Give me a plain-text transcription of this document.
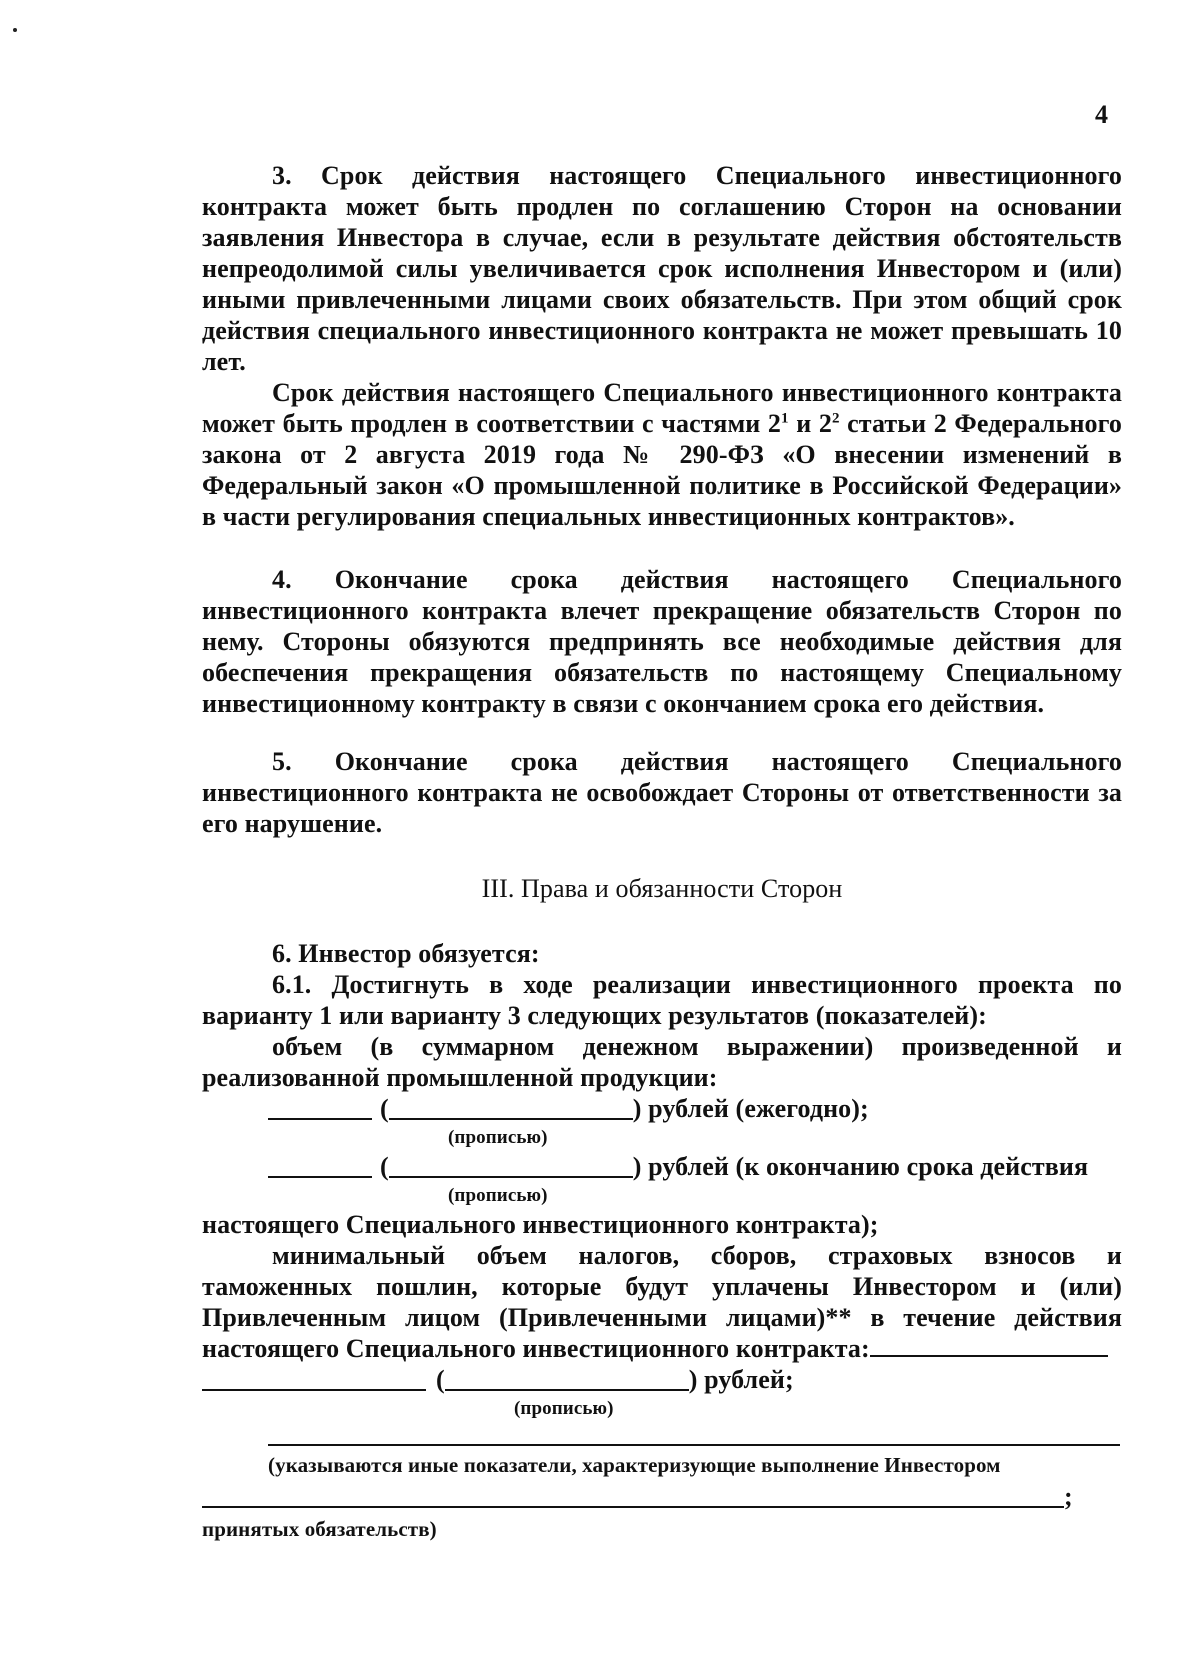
4

3. Срок действия настоящего Специального инвестиционного контракта может быть продлен по соглашению Сторон на основании заявления Инвестора в случае, если в результате действия обстоятельств непреодолимой силы увеличивается срок исполнения Инвестором и (или) иными привлеченными лицами своих обязательств. При этом общий срок действия специального инвестиционного контракта не может превышать 10 лет.

Срок действия настоящего Специального инвестиционного контракта может быть продлен в соответствии с частями $2^1$ и $2^2$ статьи 2 Федерального закона от 2 августа 2019 года № 290-ФЗ «О внесении изменений в Федеральный закон «О промышленной политике в Российской Федерации» в части регулирования специальных инвестиционных контрактов».

4. Окончание срока действия настоящего Специального инвестиционного контракта влечет прекращение обязательств Сторон по нему. Стороны обязуются предпринять все необходимые действия для обеспечения прекращения обязательств по настоящему Специальному инвестиционному контракту в связи с окончанием срока его действия.

5. Окончание срока действия настоящего Специального инвестиционного контракта не освобождает Стороны от ответственности за его нарушение.

III. Права и обязанности Сторон

6. Инвестор обязуется:

6.1. Достигнуть в ходе реализации инвестиционного проекта по варианту 1 или варианту 3 следующих результатов (показателей):

объем (в суммарном денежном выражении) произведенной и реализованной промышленной продукции:

(	) рублей (ежегодно);
(прописью)
(	) рублей (к окончанию срока действия
(прописью)

настоящего Специального инвестиционного контракта);

минимальный объем налогов, сборов, страховых взносов и таможенных пошлин, которые будут уплачены Инвестором и (или) Привлеченным лицом (Привлеченными лицами)** в течение действия настоящего Специального инвестиционного контракта:

(	) рублей;
(прописью)

(указываются иные показатели, характеризующие выполнение Инвестором

;

принятых обязательств)
